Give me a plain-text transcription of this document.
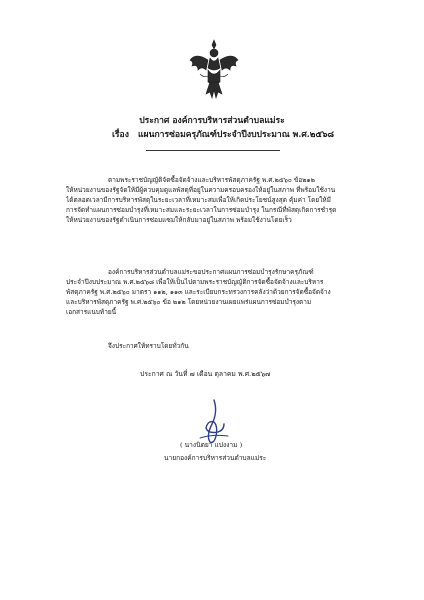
ประกาศ องค์การบริหารส่วนตำบลแม่ระ
เรื่อง แผนการซ่อมครุภัณฑ์ประจำปีงบประมาณ พ.ศ.๒๕๖๘
ตามพระราชบัญญัติจัดซื้อจัดจ้างและบริหารพัสดุภาครัฐ พ.ศ.๒๕๖๐ ข้อ๒๑๒
ให้หน่วยงานของรัฐจัดให้มีผู้ควบคุมดูแลพัสดุที่อยู่ในความครอบครองให้อยู่ในสภาพ ที่พร้อมใช้งาน
ได้ตลอดเวลามีการบริหารพัสดุในระยะเวลาที่เหมาะสมเพื่อให้เกิดประโยชน์สูงสุด คุ้มค่า โดยให้มี
การจัดทำแผนการซ่อมบำรุงที่เหมาะสมและระยะเวลาในการซ่อมบำรุง ในกรณีที่พัสดุเกิดการชำรุด
ให้หน่วยงานของรัฐดำเนินการซ่อมแซมให้กลับมาอยู่ในสภาพ พร้อมใช้งานโดยเร็ว
องค์การบริหารส่วนตำบลแม่ระขอประกาศแผนการซ่อมบำรุงรักษาครุภัณฑ์
ประจำปีงบประมาณ พ.ศ.๒๕๖๘ เพื่อให้เป็นไปตามพระราชบัญญัติการจัดซื้อจัดจ้างและบริหาร
พัสดุภาครัฐ พ.ศ.๒๕๖๐ มาตรา ๑๑๒, ๑๑๓ และระเบียบกระทรวงการคลังว่าด้วยการจัดซื้อจัดจ้าง
และบริหารพัสดุภาครัฐ พ.ศ.๒๕๖๐ ข้อ ๒๑๒ โดยหน่วยงานเผยแพร่แผนการซ่อมบำรุงตาม
เอกสารแนบท้ายนี้
จึงประกาศให้ทราบโดยทั่วกัน
ประกาศ ณ วันที่ ๗ เดือน ตุลาคม พ.ศ.๒๕๖๗
( นางนิตยา แปงงาม )
นายกองค์การบริหารส่วนตำบลแม่ระ
